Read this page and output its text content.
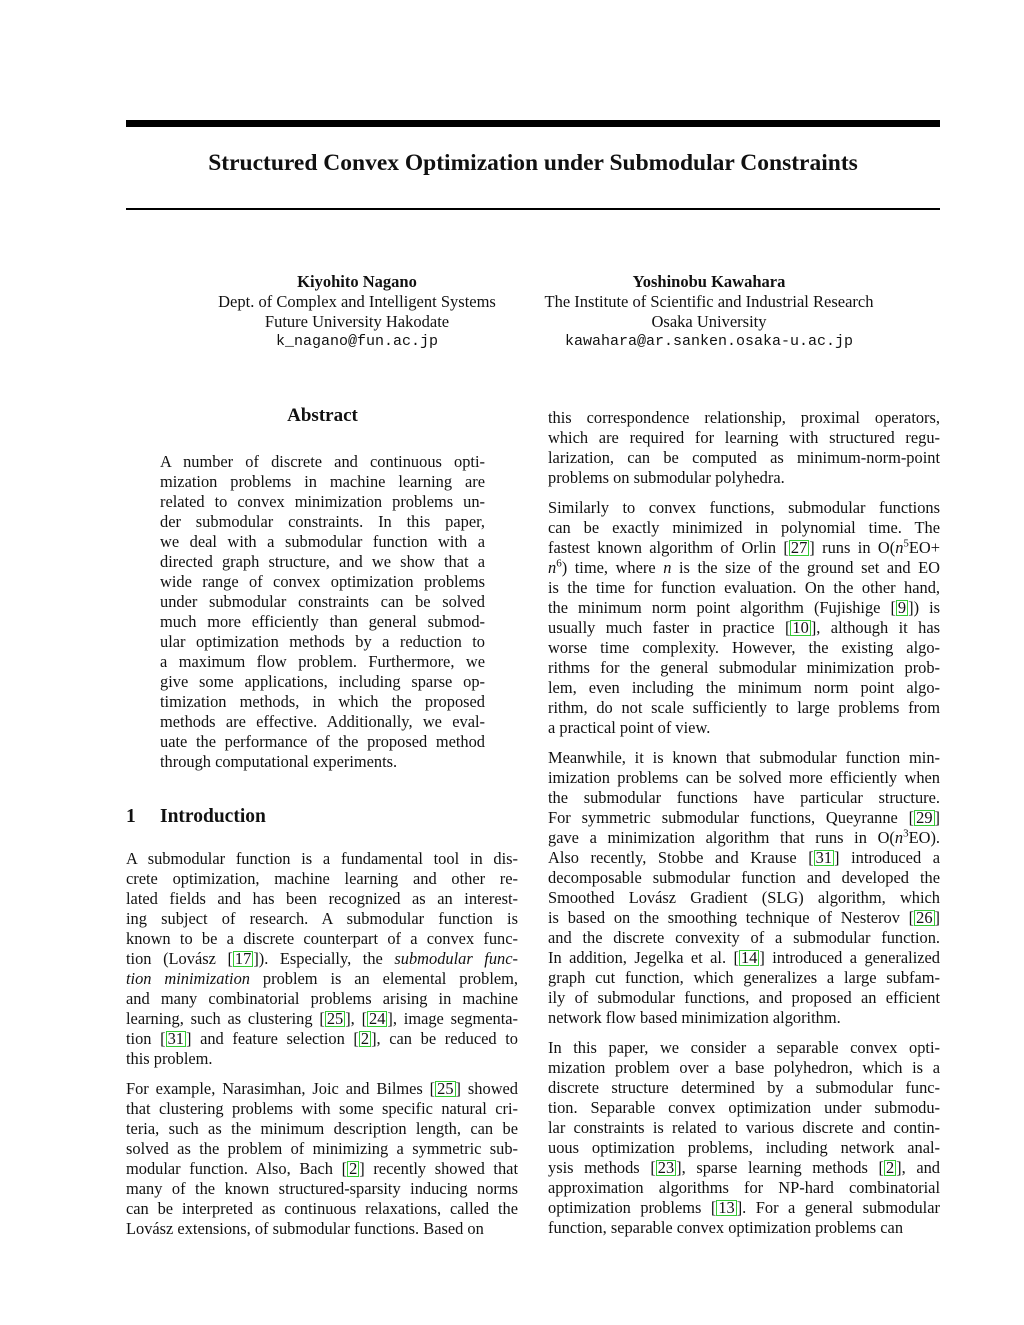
Structured Convex Optimization under Submodular Constraints
Kiyohito Nagano
Dept. of Complex and Intelligent Systems
Future University Hakodate
k_nagano@fun.ac.jp
Yoshinobu Kawahara
The Institute of Scientific and Industrial Research
Osaka University
kawahara@ar.sanken.osaka-u.ac.jp
Abstract
A number of discrete and continuous opti-
mization problems in machine learning are
related to convex minimization problems un-
der submodular constraints. In this paper,
we deal with a submodular function with a
directed graph structure, and we show that a
wide range of convex optimization problems
under submodular constraints can be solved
much more efficiently than general submod-
ular optimization methods by a reduction to
a maximum flow problem. Furthermore, we
give some applications, including sparse op-
timization methods, in which the proposed
methods are effective. Additionally, we eval-
uate the performance of the proposed method
through computational experiments.
1 Introduction
A submodular function is a fundamental tool in dis-
crete optimization, machine learning and other re-
lated fields and has been recognized as an interest-
ing subject of research. A submodular function is
known to be a discrete counterpart of a convex func-
tion (Lovász [ 17 ]). Especially, the submodular func-
tion minimization problem is an elemental problem,
and many combinatorial problems arising in machine
learning, such as clustering [ 25 ], [ 24 ], image segmenta-
tion [ 31 ] and feature selection [ 2 ], can be reduced to
this problem.
For example, Narasimhan, Joic and Bilmes [ 25 ] showed
that clustering problems with some specific natural cri-
teria, such as the minimum description length, can be
solved as the problem of minimizing a symmetric sub-
modular function. Also, Bach [ 2 ] recently showed that
many of the known structured-sparsity inducing norms
can be interpreted as continuous relaxations, called the
Lovász extensions, of submodular functions. Based on
this correspondence relationship, proximal operators,
which are required for learning with structured regu-
larization, can be computed as minimum-norm-point
problems on submodular polyhedra.
Similarly to convex functions, submodular functions
can be exactly minimized in polynomial time. The
fastest known algorithm of Orlin [ 27 ] runs in $O(n^5EO+$
$n^6$) time, where n is the size of the ground set and EO
is the time for function evaluation. On the other hand,
the minimum norm point algorithm (Fujishige [ 9 ]) is
usually much faster in practice [ 10 ], although it has
worse time complexity. However, the existing algo-
rithms for the general submodular minimization prob-
lem, even including the minimum norm point algo-
rithm, do not scale sufficiently to large problems from
a practical point of view.
Meanwhile, it is known that submodular function min-
imization problems can be solved more efficiently when
the submodular functions have particular structure.
For symmetric submodular functions, Queyranne [ 29 ]
gave a minimization algorithm that runs in $O(n^3EO)$.
Also recently, Stobbe and Krause [ 31 ] introduced a
decomposable submodular function and developed the
Smoothed Lovász Gradient (SLG) algorithm, which
is based on the smoothing technique of Nesterov [ 26 ]
and the discrete convexity of a submodular function.
In addition, Jegelka et al. [ 14 ] introduced a generalized
graph cut function, which generalizes a large subfam-
ily of submodular functions, and proposed an efficient
network flow based minimization algorithm.
In this paper, we consider a separable convex opti-
mization problem over a base polyhedron, which is a
discrete structure determined by a submodular func-
tion. Separable convex optimization under submodu-
lar constraints is related to various discrete and contin-
uous optimization problems, including network anal-
ysis methods [ 23 ], sparse learning methods [ 2 ], and
approximation algorithms for NP-hard combinatorial
optimization problems [ 13 ]. For a general submodular
function, separable convex optimization problems can
